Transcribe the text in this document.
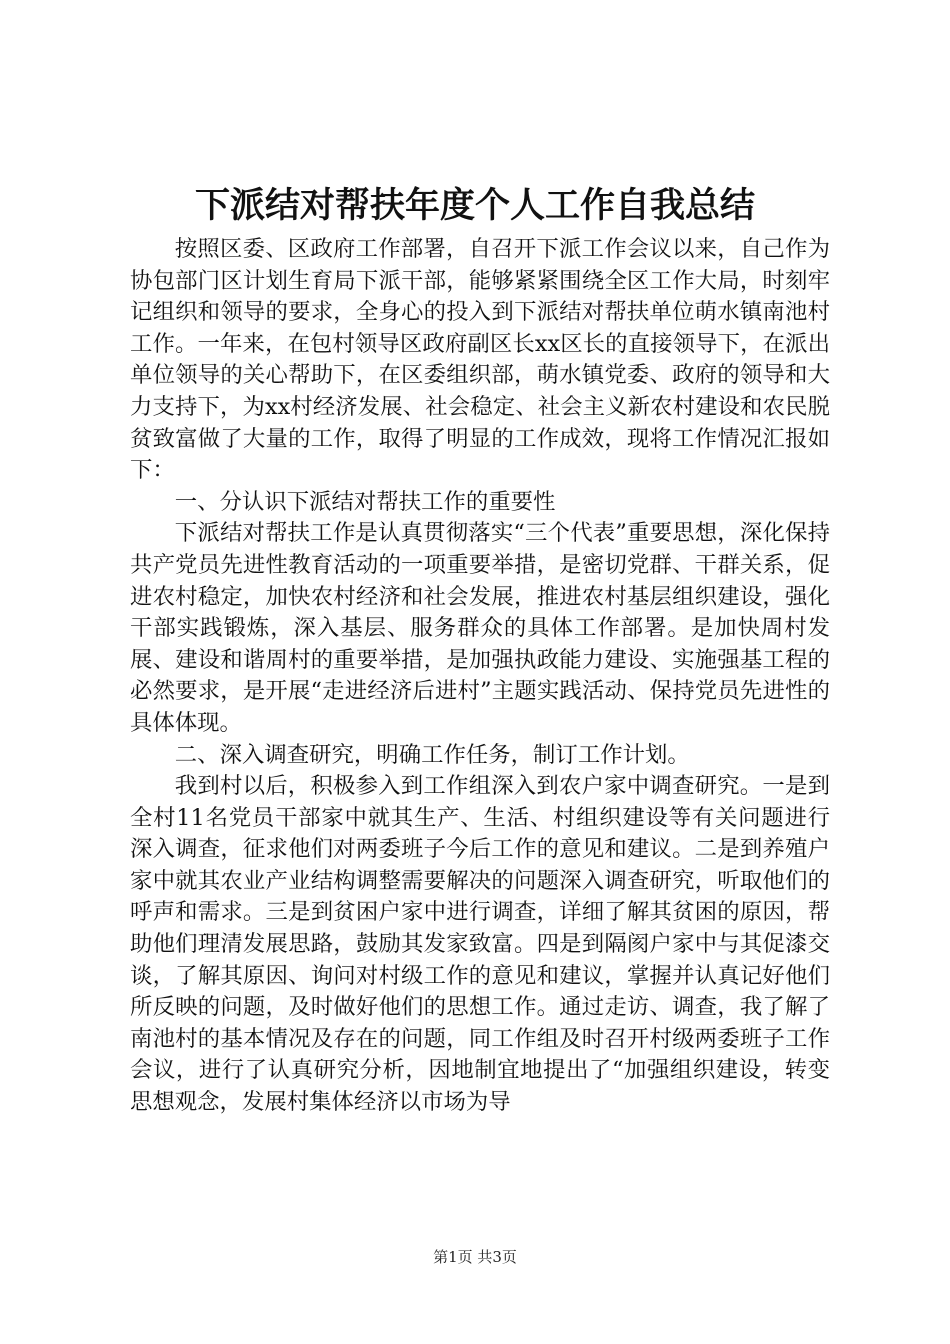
下派结对帮扶年度个人工作自我总结

按照区委、区政府工作部署，自召开下派工作会议以来，自己作为协包部门区计划生育局下派干部，能够紧紧围绕全区工作大局，时刻牢记组织和领导的要求，全身心的投入到下派结对帮扶单位萌水镇南池村工作。一年来，在包村领导区政府副区长xx区长的直接领导下，在派出单位领导的关心帮助下，在区委组织部，萌水镇党委、政府的领导和大力支持下，为xx村经济发展、社会稳定、社会主义新农村建设和农民脱贫致富做了大量的工作，取得了明显的工作成效，现将工作情况汇报如下：

一、分认识下派结对帮扶工作的重要性

下派结对帮扶工作是认真贯彻落实“三个代表”重要思想，深化保持共产党员先进性教育活动的一项重要举措，是密切党群、干群关系，促进农村稳定，加快农村经济和社会发展，推进农村基层组织建设，强化干部实践锻炼，深入基层、服务群众的具体工作部署。是加快周村发展、建设和谐周村的重要举措，是加强执政能力建设、实施强基工程的必然要求，是开展“走进经济后进村”主题实践活动、保持党员先进性的具体体现。

二、深入调查研究，明确工作任务，制订工作计划。

我到村以后，积极参入到工作组深入到农户家中调查研究。一是到全村11名党员干部家中就其生产、生活、村组织建设等有关问题进行深入调查，征求他们对两委班子今后工作的意见和建议。二是到养殖户家中就其农业产业结构调整需要解决的问题深入调查研究，听取他们的呼声和需求。三是到贫困户家中进行调查，详细了解其贫困的原因，帮助他们理清发展思路，鼓励其发家致富。四是到隔阂户家中与其促漆交谈，了解其原因、询问对村级工作的意见和建议，掌握并认真记好他们所反映的问题，及时做好他们的思想工作。通过走访、调查，我了解了南池村的基本情况及存在的问题，同工作组及时召开村级两委班子工作会议，进行了认真研究分析，因地制宜地提出了“加强组织建设，转变思想观念，发展村集体经济以市场为导

第1页 共3页
